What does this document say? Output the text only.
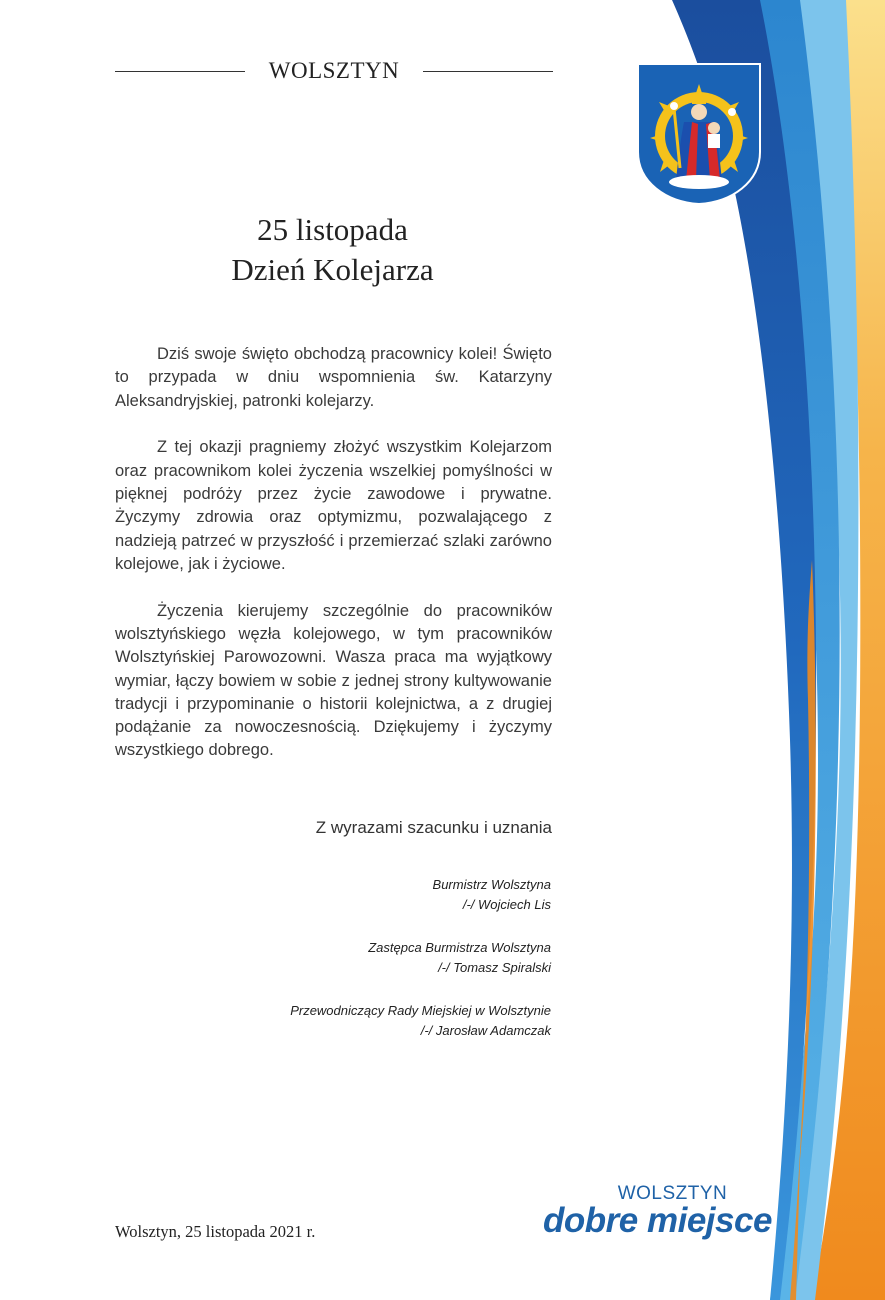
WOLSZTYN
25 listopada
Dzień Kolejarza

Dziś swoje święto obchodzą pracownicy kolei! Święto to przypada w dniu wspomnienia św. Katarzyny Aleksandryjskiej, patronki kolejarzy.

Z tej okazji pragniemy złożyć wszystkim Kolejarzom oraz pracownikom kolei życzenia wszelkiej pomyślności w pięknej podróży przez życie zawodowe i prywatne. Życzymy zdrowia oraz optymizmu, pozwalającego z nadzieją patrzeć w przyszłość i przemierzać szlaki zarówno kolejowe, jak i życiowe.

Życzenia kierujemy szczególnie do pracowników wolsztyńskiego węzła kolejowego, w tym pracowników Wolsztyńskiej Parowozowni. Wasza praca ma wyjątkowy wymiar, łączy bowiem w sobie z jednej strony kultywowanie tradycji i przypominanie o historii kolejnictwa, a z drugiej podążanie za nowoczesnością. Dziękujemy i życzymy wszystkiego dobrego.

Z wyrazami szacunku i uznania
Burmistrz Wolsztyna
/-/ Wojciech Lis
Zastępca Burmistrza Wolsztyna
/-/ Tomasz Spiralski
Przewodniczący Rady Miejskiej w Wolsztynie
/-/ Jarosław Adamczak
Wolsztyn, 25 listopada 2021 r.
WOLSZTYN
dobre miejsce
